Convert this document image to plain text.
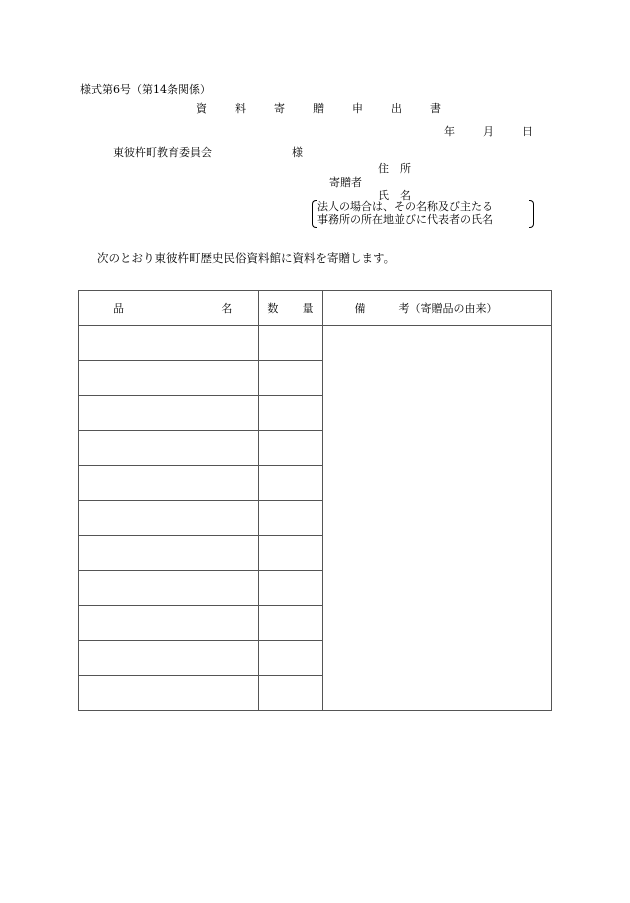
様式第6号（第14条関係）
資	料	寄	贈	申	出	書
年	月	日
東彼杵町教育委員会	様
住　所
寄贈者
氏　名
法人の場合は、その名称及び主たる
事務所の所在地並びに代表者の氏名
次のとおり東彼杵町歴史民俗資料館に資料を寄贈します。
品 名	数 量	備　　　考（寄贈品の由来）
